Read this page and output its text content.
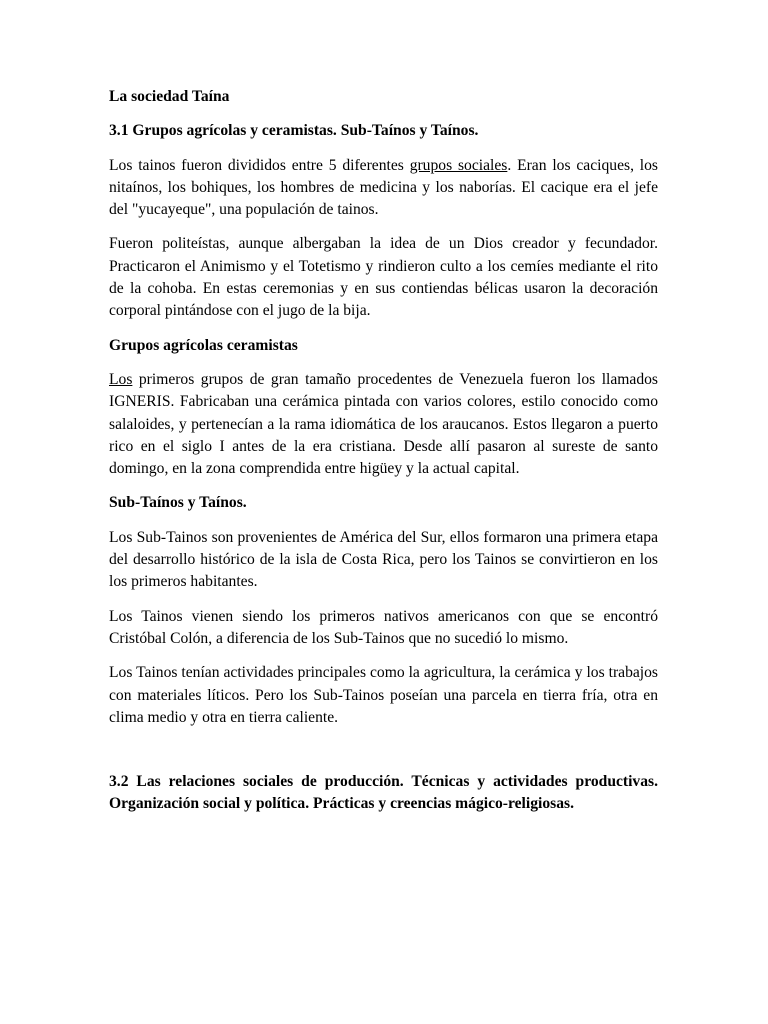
La sociedad Taína
3.1 Grupos agrícolas y ceramistas. Sub-Taínos y Taínos.

Los tainos fueron divididos entre 5 diferentes grupos sociales. Eran los caciques, los nitaínos, los bohiques, los hombres de medicina y los naborías. El cacique era el jefe del "yucayeque", una populación de tainos.

Fueron politeístas, aunque albergaban la idea de un Dios creador y fecundador. Practicaron el Animismo y el Totetismo y rindieron culto a los cemíes mediante el rito de la cohoba. En estas ceremonias y en sus contiendas bélicas usaron la decoración corporal pintándose con el jugo de la bija.

Grupos agrícolas ceramistas

Los primeros grupos de gran tamaño procedentes de Venezuela fueron los llamados IGNERIS. Fabricaban una cerámica pintada con varios colores, estilo conocido como salaloides, y pertenecían a la rama idiomática de los araucanos. Estos llegaron a puerto rico en el siglo I antes de la era cristiana. Desde allí pasaron al sureste de santo domingo, en la zona comprendida entre higüey y la actual capital.

Sub-Taínos y Taínos.

Los Sub-Tainos son provenientes de América del Sur, ellos formaron una primera etapa del desarrollo histórico de la isla de Costa Rica, pero los Tainos se convirtieron en los los primeros habitantes.

Los Tainos vienen siendo los primeros nativos americanos con que se encontró Cristóbal Colón, a diferencia de los Sub-Tainos que no sucedió lo mismo.

Los Tainos tenían actividades principales como la agricultura, la cerámica y los trabajos con materiales líticos. Pero los Sub-Tainos poseían una parcela en tierra fría, otra en clima medio y otra en tierra caliente.

3.2 Las relaciones sociales de producción. Técnicas y actividades productivas. Organización social y política. Prácticas y creencias mágico-religiosas.
